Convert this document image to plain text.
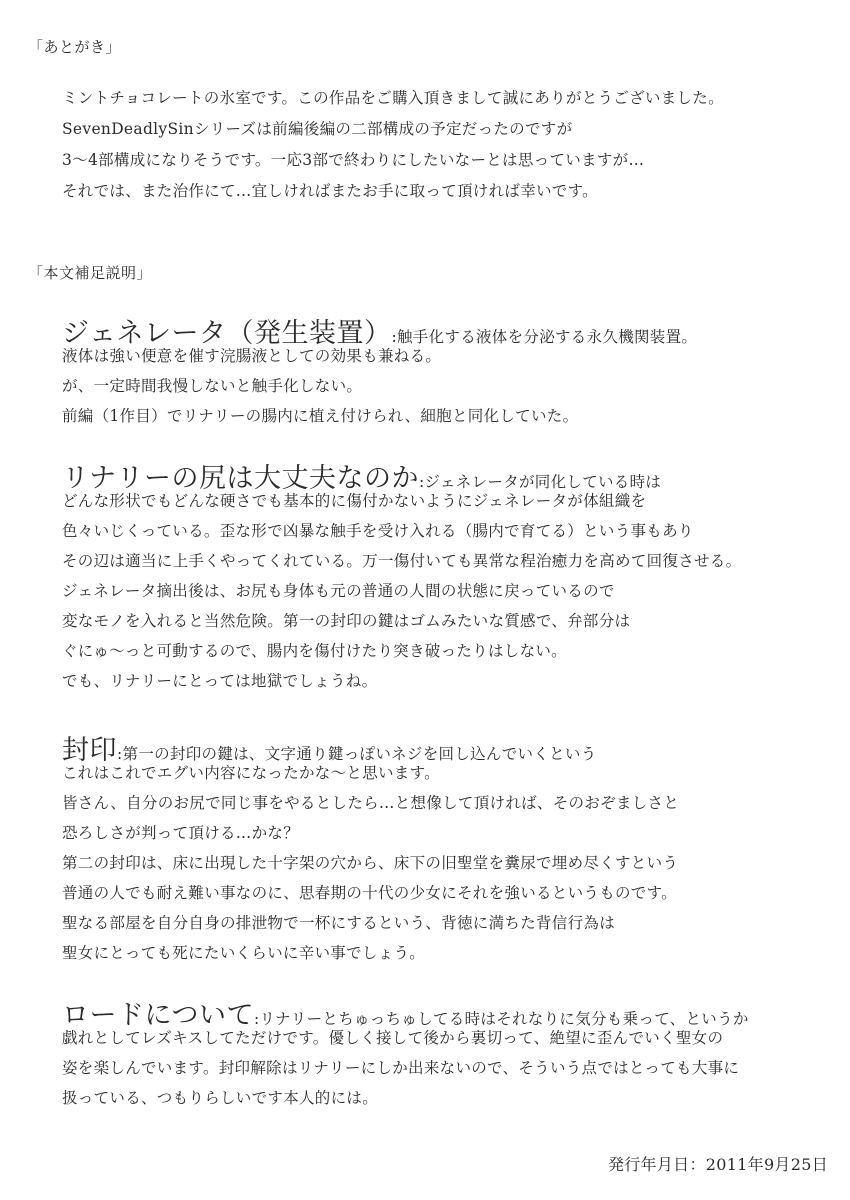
「あとがき」
ミントチョコレートの氷室です。この作品をご購入頂きまして誠にありがとうございました。
SevenDeadlySinシリーズは前編後編の二部構成の予定だったのですが
3～4部構成になりそうです。一応3部で終わりにしたいなーとは思っていますが…
それでは、また治作にて…宜しければまたお手に取って頂ければ幸いです。
「本文補足説明」
ジェネレータ（発生装置）:触手化する液体を分泌する永久機関装置。
液体は強い便意を催す浣腸液としての効果も兼ねる。
が、一定時間我慢しないと触手化しない。
前編（1作目）でリナリーの腸内に植え付けられ、細胞と同化していた。
リナリーの尻は大丈夫なのか:ジェネレータが同化している時は
どんな形状でもどんな硬さでも基本的に傷付かないようにジェネレータが体組織を
色々いじくっている。歪な形で凶暴な触手を受け入れる（腸内で育てる）という事もあり
その辺は適当に上手くやってくれている。万一傷付いても異常な程治癒力を高めて回復させる。
ジェネレータ摘出後は、お尻も身体も元の普通の人間の状態に戻っているので
変なモノを入れると当然危険。第一の封印の鍵はゴムみたいな質感で、弁部分は
ぐにゅ～っと可動するので、腸内を傷付けたり突き破ったりはしない。
でも、リナリーにとっては地獄でしょうね。
封印:第一の封印の鍵は、文字通り鍵っぽいネジを回し込んでいくという
これはこれでエグい内容になったかな～と思います。
皆さん、自分のお尻で同じ事をやるとしたら…と想像して頂ければ、そのおぞましさと
恐ろしさが判って頂ける…かな？
第二の封印は、床に出現した十字架の穴から、床下の旧聖堂を糞尿で埋め尽くすという
普通の人でも耐え難い事なのに、思春期の十代の少女にそれを強いるというものです。
聖なる部屋を自分自身の排泄物で一杯にするという、背徳に満ちた背信行為は
聖女にとっても死にたいくらいに辛い事でしょう。
ロードについて:リナリーとちゅっちゅしてる時はそれなりに気分も乗って、というか
戯れとしてレズキスしてただけです。優しく接して後から裏切って、絶望に歪んでいく聖女の
姿を楽しんでいます。封印解除はリナリーにしか出来ないので、そういう点ではとっても大事に
扱っている、つもりらしいです本人的には。
発行年月日：2011年9月25日
